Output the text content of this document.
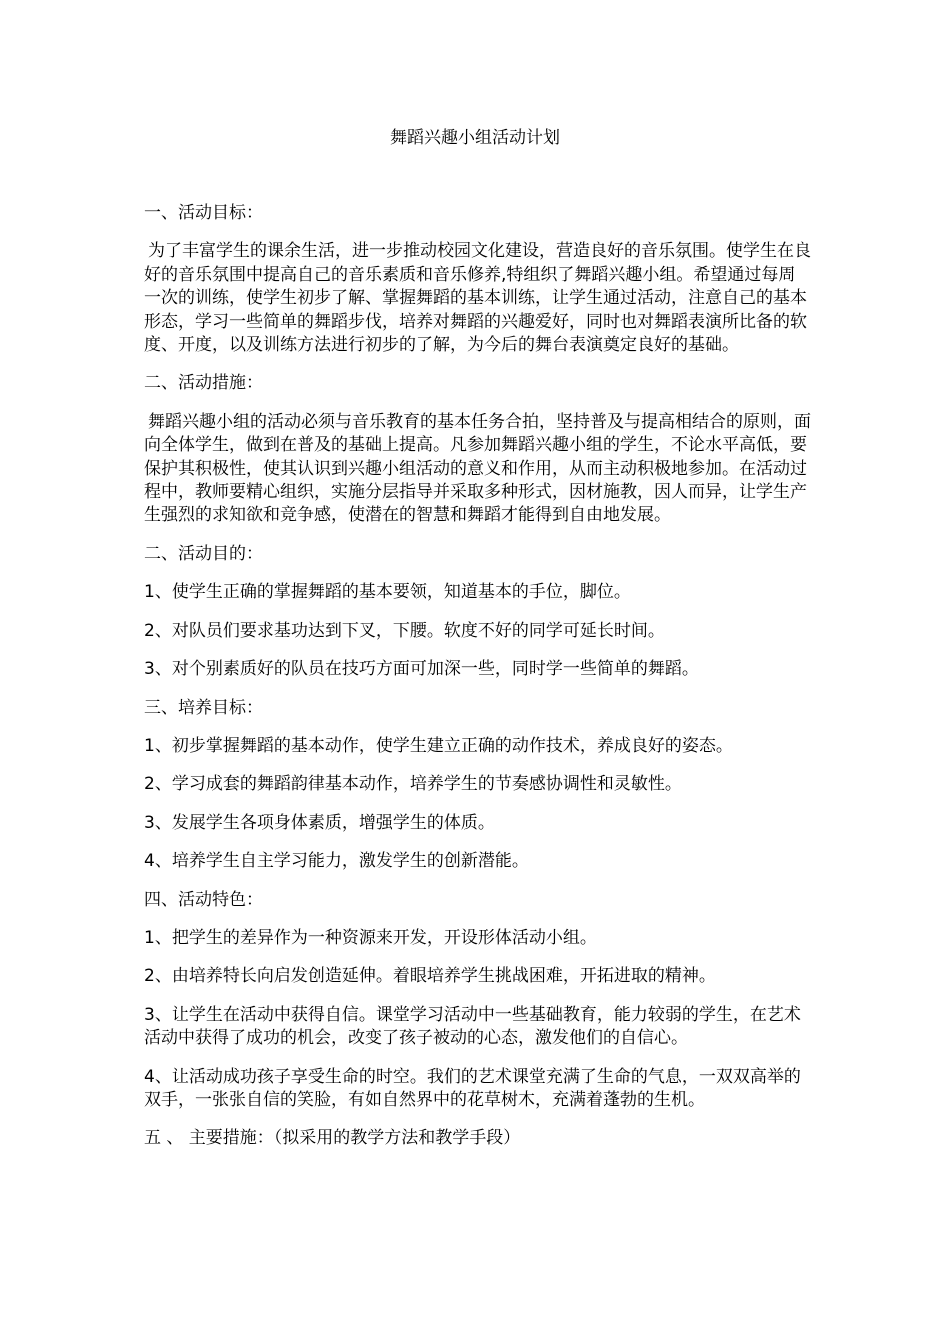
舞蹈兴趣小组活动计划

一、活动目标：

为了丰富学生的课余生活，进一步推动校园文化建设，营造良好的音乐氛围。使学生在良好的音乐氛围中提高自己的音乐素质和音乐修养,特组织了舞蹈兴趣小组。希望通过每周一次的训练，使学生初步了解、掌握舞蹈的基本训练，让学生通过活动，注意自己的基本形态，学习一些简单的舞蹈步伐，培养对舞蹈的兴趣爱好，同时也对舞蹈表演所比备的软度、开度，以及训练方法进行初步的了解，为今后的舞台表演奠定良好的基础。

二、活动措施：

舞蹈兴趣小组的活动必须与音乐教育的基本任务合拍，坚持普及与提高相结合的原则，面向全体学生，做到在普及的基础上提高。凡参加舞蹈兴趣小组的学生，不论水平高低，要保护其积极性，使其认识到兴趣小组活动的意义和作用，从而主动积极地参加。在活动过程中，教师要精心组织，实施分层指导并采取多种形式，因材施教，因人而异，让学生产生强烈的求知欲和竞争感，使潜在的智慧和舞蹈才能得到自由地发展。

二、活动目的：

1、使学生正确的掌握舞蹈的基本要领，知道基本的手位，脚位。

2、对队员们要求基功达到下叉，下腰。软度不好的同学可延长时间。

3、对个别素质好的队员在技巧方面可加深一些，同时学一些简单的舞蹈。

三、培养目标：

1、初步掌握舞蹈的基本动作，使学生建立正确的动作技术，养成良好的姿态。

2、学习成套的舞蹈韵律基本动作，培养学生的节奏感协调性和灵敏性。

3、发展学生各项身体素质，增强学生的体质。

4、培养学生自主学习能力，激发学生的创新潜能。

四、活动特色：

1、把学生的差异作为一种资源来开发，开设形体活动小组。

2、由培养特长向启发创造延伸。着眼培养学生挑战困难，开拓进取的精神。

3、让学生在活动中获得自信。课堂学习活动中一些基础教育，能力较弱的学生，在艺术活动中获得了成功的机会，改变了孩子被动的心态，激发他们的自信心。

4、让活动成功孩子享受生命的时空。我们的艺术课堂充满了生命的气息，一双双高举的双手，一张张自信的笑脸，有如自然界中的花草树木，充满着蓬勃的生机。

五 、 主要措施：（拟采用的教学方法和教学手段）
